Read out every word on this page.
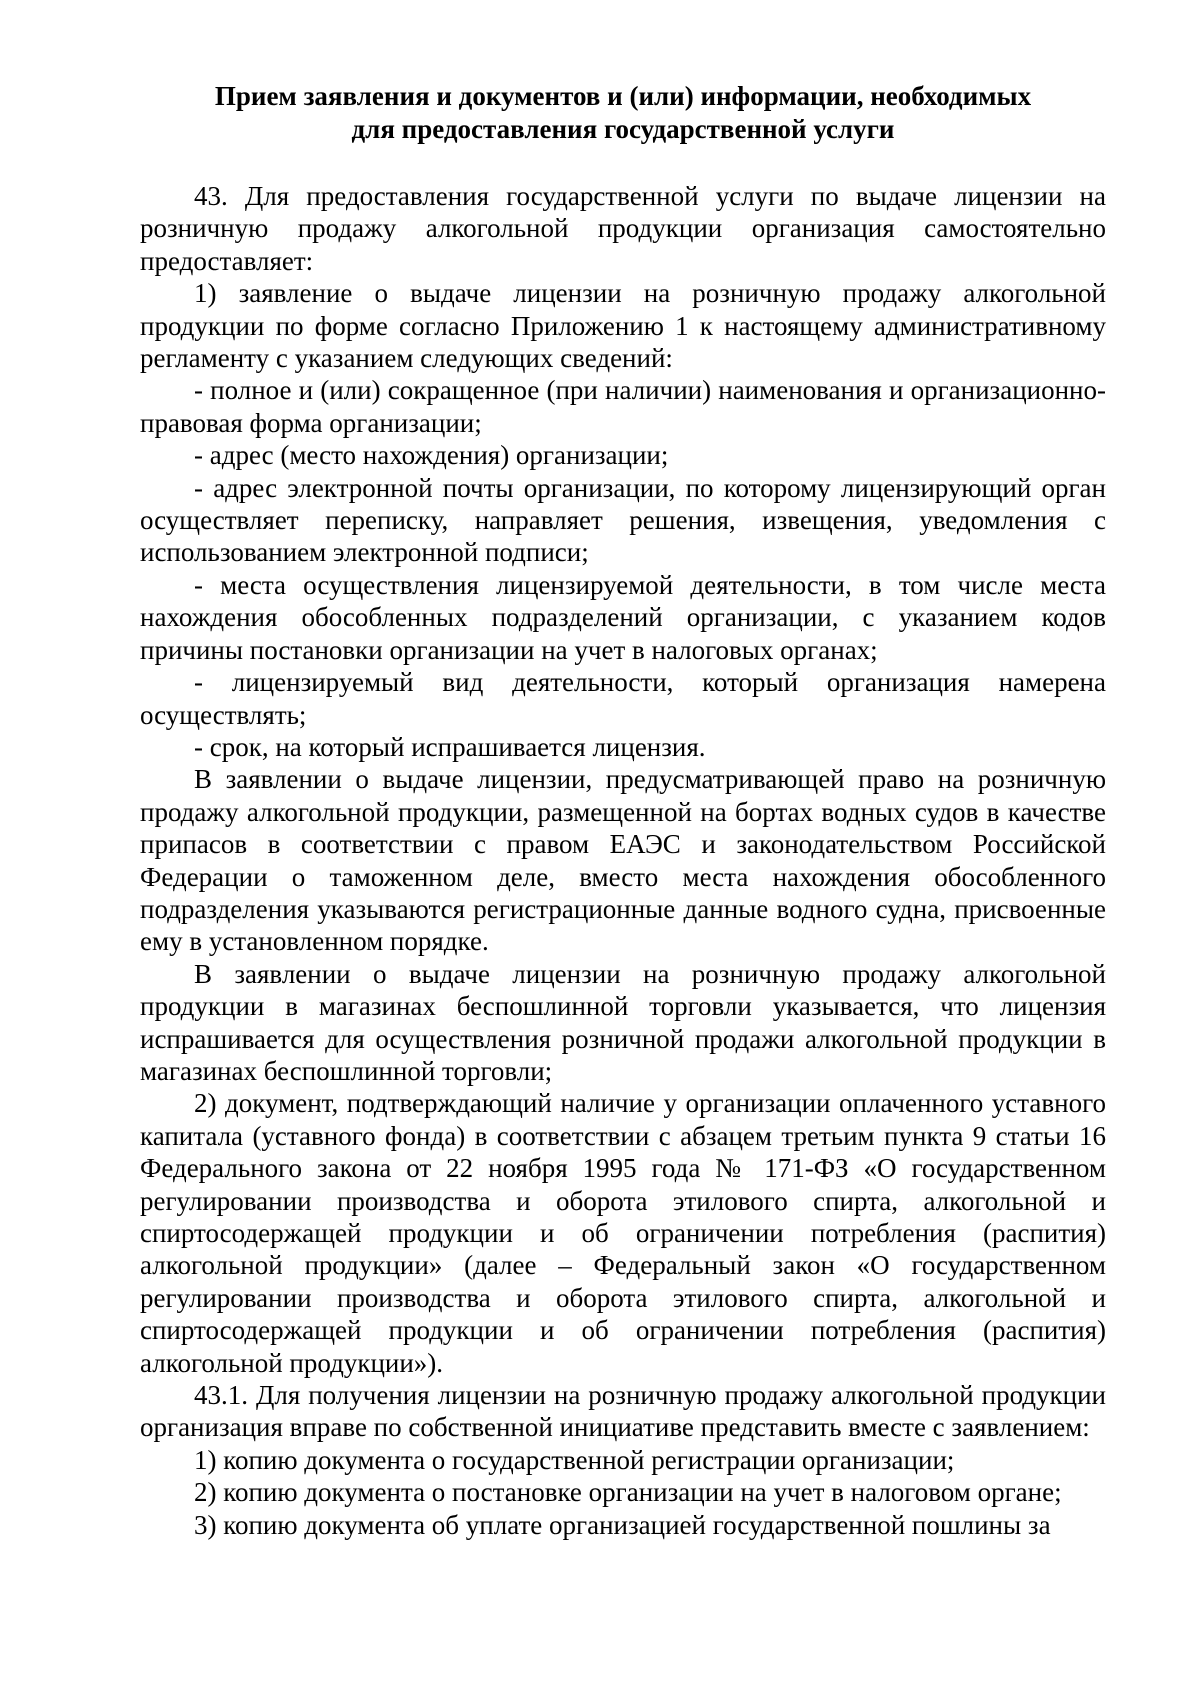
Прием заявления и документов и (или) информации, необходимых
для предоставления государственной услуги

43. Для предоставления государственной услуги по выдаче лицензии на розничную продажу алкогольной продукции организация самостоятельно предоставляет:

1) заявление о выдаче лицензии на розничную продажу алкогольной продукции по форме согласно Приложению 1 к настоящему административному регламенту с указанием следующих сведений:

- полное и (или) сокращенное (при наличии) наименования и организационно-правовая форма организации;

- адрес (место нахождения) организации;

- адрес электронной почты организации, по которому лицензирующий орган осуществляет переписку, направляет решения, извещения, уведомления с использованием электронной подписи;

- места осуществления лицензируемой деятельности, в том числе места нахождения обособленных подразделений организации, с указанием кодов причины постановки организации на учет в налоговых органах;

- лицензируемый вид деятельности, который организация намерена осуществлять;

- срок, на который испрашивается лицензия.

В заявлении о выдаче лицензии, предусматривающей право на розничную продажу алкогольной продукции, размещенной на бортах водных судов в качестве припасов в соответствии с правом ЕАЭС и законодательством Российской Федерации о таможенном деле, вместо места нахождения обособленного подразделения указываются регистрационные данные водного судна, присвоенные ему в установленном порядке.

В заявлении о выдаче лицензии на розничную продажу алкогольной продукции в магазинах беспошлинной торговли указывается, что лицензия испрашивается для осуществления розничной продажи алкогольной продукции в магазинах беспошлинной торговли;

2) документ, подтверждающий наличие у организации оплаченного уставного капитала (уставного фонда) в соответствии с абзацем третьим пункта 9 статьи 16 Федерального закона от 22 ноября 1995 года № 171-ФЗ «О государственном регулировании производства и оборота этилового спирта, алкогольной и спиртосодержащей продукции и об ограничении потребления (распития) алкогольной продукции» (далее – Федеральный закон «О государственном регулировании производства и оборота этилового спирта, алкогольной и спиртосодержащей продукции и об ограничении потребления (распития) алкогольной продукции»).

43.1. Для получения лицензии на розничную продажу алкогольной продукции организация вправе по собственной инициативе представить вместе с заявлением:

1) копию документа о государственной регистрации организации;

2) копию документа о постановке организации на учет в налоговом органе;

3) копию документа об уплате организацией государственной пошлины за
